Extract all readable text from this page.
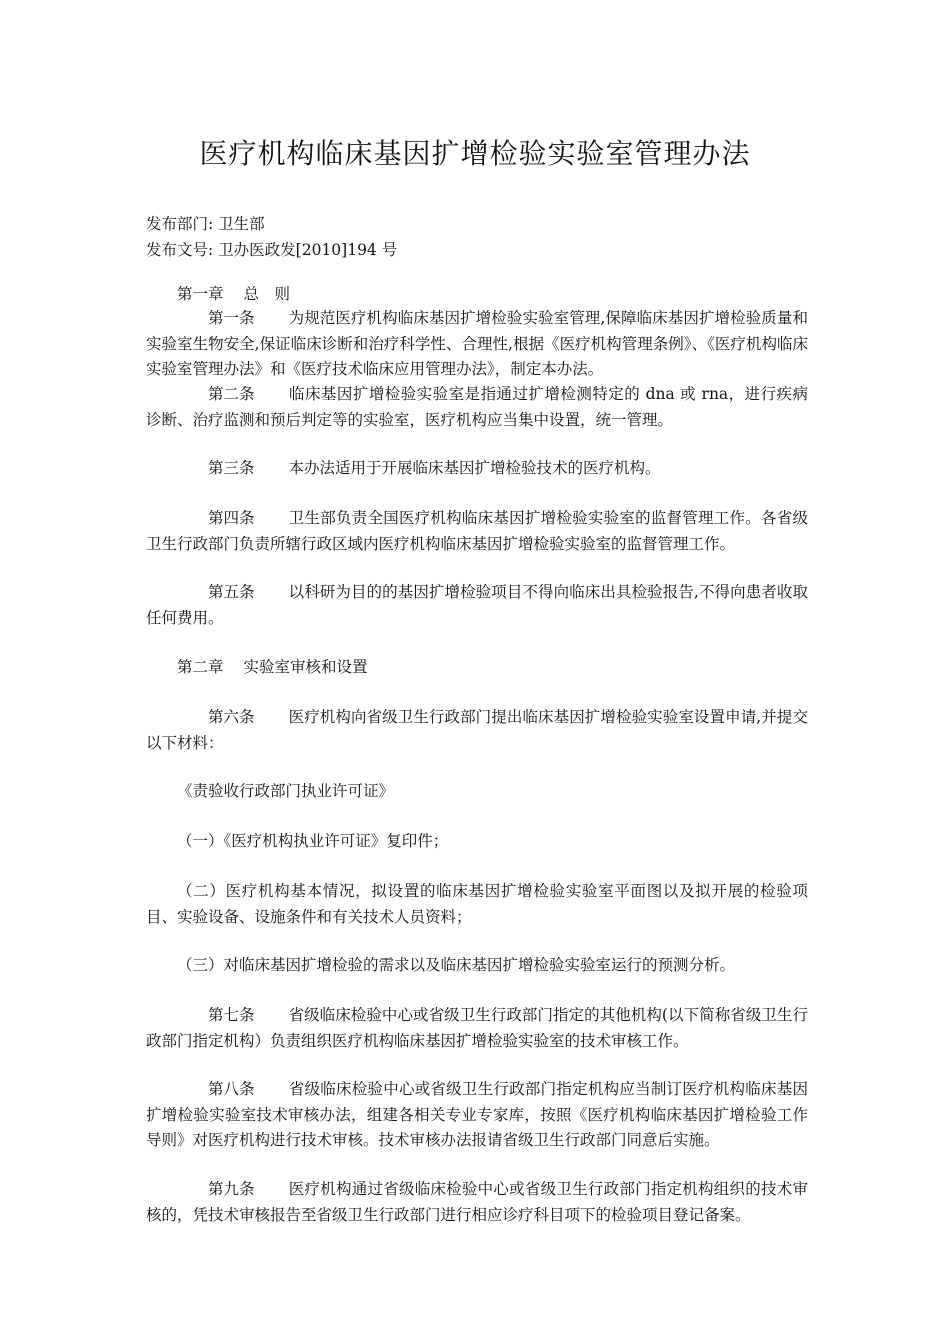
医疗机构临床基因扩增检验实验室管理办法
发布部门: 卫生部
发布文号: 卫办医政发[2010]194 号
第一章 总　则
第一条 为规范医疗机构临床基因扩增检验实验室管理,保障临床基因扩增检验质量和实验室生物安全,保证临床诊断和治疗科学性、合理性,根据《医疗机构管理条例》、《医疗机构临床实验室管理办法》和《医疗技术临床应用管理办法》，制定本办法。
第二条 临床基因扩增检验实验室是指通过扩增检测特定的 dna 或 rna，进行疾病诊断、治疗监测和预后判定等的实验室，医疗机构应当集中设置，统一管理。
第三条 本办法适用于开展临床基因扩增检验技术的医疗机构。
第四条 卫生部负责全国医疗机构临床基因扩增检验实验室的监督管理工作。各省级卫生行政部门负责所辖行政区域内医疗机构临床基因扩增检验实验室的监督管理工作。
第五条 以科研为目的的基因扩增检验项目不得向临床出具检验报告,不得向患者收取任何费用。
第二章 实验室审核和设置
第六条 医疗机构向省级卫生行政部门提出临床基因扩增检验实验室设置申请,并提交以下材料：
《责验收行政部门执业许可证》
（一）《医疗机构执业许可证》复印件；
（二）医疗机构基本情况，拟设置的临床基因扩增检验实验室平面图以及拟开展的检验项目、实验设备、设施条件和有关技术人员资料；
（三）对临床基因扩增检验的需求以及临床基因扩增检验实验室运行的预测分析。
第七条 省级临床检验中心或省级卫生行政部门指定的其他机构(以下简称省级卫生行政部门指定机构）负责组织医疗机构临床基因扩增检验实验室的技术审核工作。
第八条 省级临床检验中心或省级卫生行政部门指定机构应当制订医疗机构临床基因扩增检验实验室技术审核办法，组建各相关专业专家库，按照《医疗机构临床基因扩增检验工作导则》对医疗机构进行技术审核。技术审核办法报请省级卫生行政部门同意后实施。
第九条 医疗机构通过省级临床检验中心或省级卫生行政部门指定机构组织的技术审核的，凭技术审核报告至省级卫生行政部门进行相应诊疗科目项下的检验项目登记备案。
